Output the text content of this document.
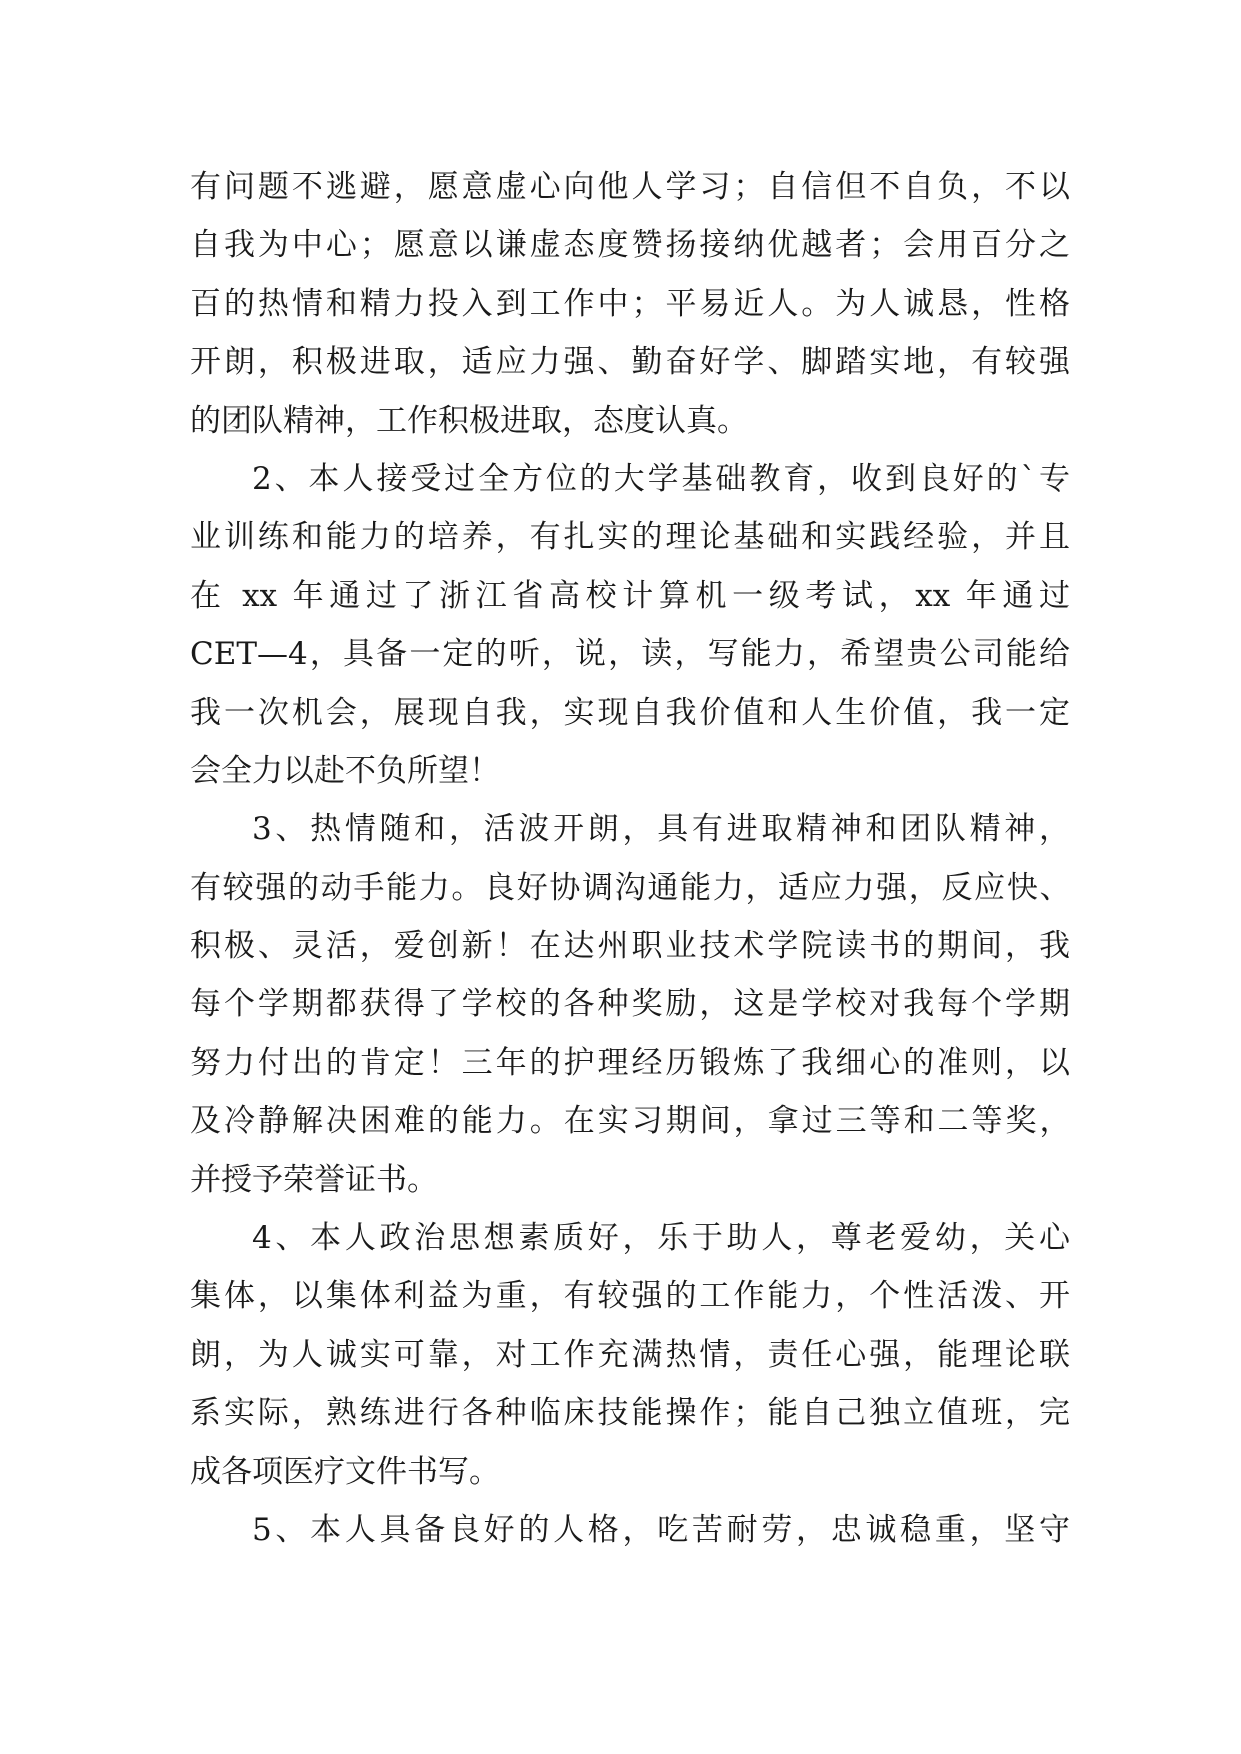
有问题不逃避，愿意虚心向他人学习；自信但不自负，不以
自我为中心；愿意以谦虚态度赞扬接纳优越者；会用百分之
百的热情和精力投入到工作中；平易近人。为人诚恳，性格
开朗，积极进取，适应力强、勤奋好学、脚踏实地，有较强
的团队精神，工作积极进取，态度认真。
2、本人接受过全方位的大学基础教育，收到良好的`专
业训练和能力的培养，有扎实的理论基础和实践经验，并且
在 xx 年通过了浙江省高校计算机一级考试，xx 年通过
CET—4，具备一定的听，说，读，写能力，希望贵公司能给
我一次机会，展现自我，实现自我价值和人生价值，我一定
会全力以赴不负所望！
3、热情随和，活波开朗，具有进取精神和团队精神，
有较强的动手能力。良好协调沟通能力，适应力强，反应快、
积极、灵活，爱创新！在达州职业技术学院读书的期间，我
每个学期都获得了学校的各种奖励，这是学校对我每个学期
努力付出的肯定！三年的护理经历锻炼了我细心的准则，以
及冷静解决困难的能力。在实习期间，拿过三等和二等奖，
并授予荣誉证书。
4、本人政治思想素质好，乐于助人，尊老爱幼，关心
集体，以集体利益为重，有较强的工作能力，个性活泼、开
朗，为人诚实可靠，对工作充满热情，责任心强，能理论联
系实际，熟练进行各种临床技能操作；能自己独立值班，完
成各项医疗文件书写。
5、本人具备良好的人格，吃苦耐劳，忠诚稳重，坚守
